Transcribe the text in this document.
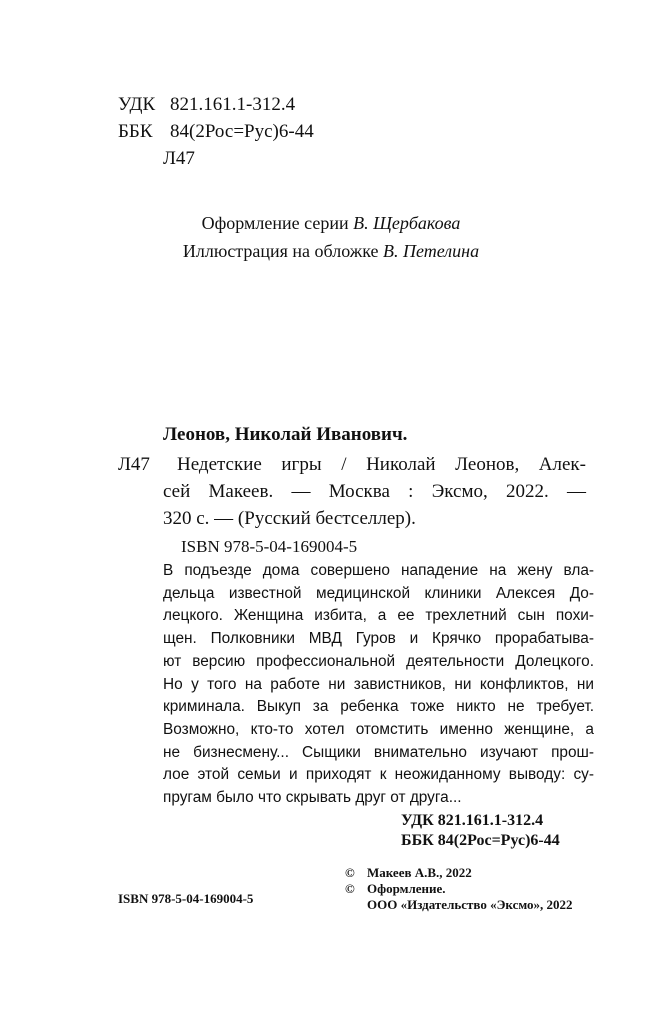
УДК 821.161.1-312.4
ББК 84(2Рос=Рус)6-44
Л47
Оформление серии В. Щербакова
Иллюстрация на обложке В. Петелина
Леонов, Николай Иванович.
Л47 Недетские игры / Николай Леонов, Алек-
сей Макеев. — Москва : Эксмо, 2022. —
320 с. — (Русский бестселлер).
ISBN 978-5-04-169004-5
В подъезде дома совершено нападение на жену вла-
дельца известной медицинской клиники Алексея До-
лецкого. Женщина избита, а ее трехлетний сын похи-
щен. Полковники МВД Гуров и Крячко прорабатыва-
ют версию профессиональной деятельности Долецкого.
Но у того на работе ни завистников, ни конфликтов, ни
криминала. Выкуп за ребенка тоже никто не требует.
Возможно, кто-то хотел отомстить именно женщине, а
не бизнесмену... Сыщики внимательно изучают прош-
лое этой семьи и приходят к неожиданному выводу: су-
пругам было что скрывать друг от друга...
УДК 821.161.1-312.4
ББК 84(2Рос=Рус)6-44
© Макеев А.В., 2022
© Оформление.
ООО «Издательство «Эксмо», 2022
ISBN 978-5-04-169004-5
